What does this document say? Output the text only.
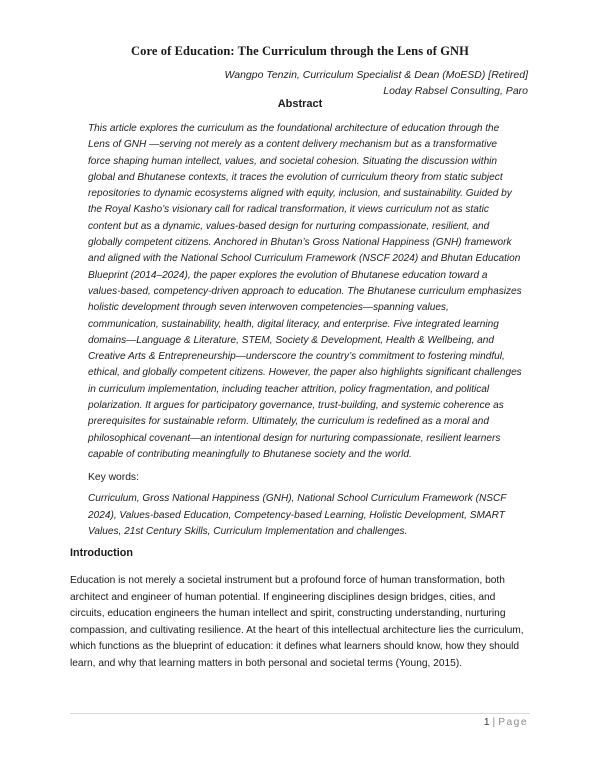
Core of Education: The Curriculum through the Lens of GNH
Wangpo Tenzin, Curriculum Specialist & Dean (MoESD) [Retired]
Loday Rabsel Consulting, Paro
Abstract
This article explores the curriculum as the foundational architecture of education through the Lens of GNH —serving not merely as a content delivery mechanism but as a transformative force shaping human intellect, values, and societal cohesion. Situating the discussion within global and Bhutanese contexts, it traces the evolution of curriculum theory from static subject repositories to dynamic ecosystems aligned with equity, inclusion, and sustainability. Guided by the Royal Kasho’s visionary call for radical transformation, it views curriculum not as static content but as a dynamic, values-based design for nurturing compassionate, resilient, and globally competent citizens. Anchored in Bhutan’s Gross National Happiness (GNH) framework and aligned with the National School Curriculum Framework (NSCF 2024) and Bhutan Education Blueprint (2014–2024), the paper explores the evolution of Bhutanese education toward a values-based, competency-driven approach to education. The Bhutanese curriculum emphasizes holistic development through seven interwoven competencies—spanning values, communication, sustainability, health, digital literacy, and enterprise. Five integrated learning domains—Language & Literature, STEM, Society & Development, Health & Wellbeing, and Creative Arts & Entrepreneurship—underscore the country’s commitment to fostering mindful, ethical, and globally competent citizens. However, the paper also highlights significant challenges in curriculum implementation, including teacher attrition, policy fragmentation, and political polarization. It argues for participatory governance, trust-building, and systemic coherence as prerequisites for sustainable reform. Ultimately, the curriculum is redefined as a moral and philosophical covenant—an intentional design for nurturing compassionate, resilient learners capable of contributing meaningfully to Bhutanese society and the world.
Key words:
Curriculum, Gross National Happiness (GNH), National School Curriculum Framework (NSCF 2024), Values-based Education, Competency-based Learning, Holistic Development, SMART Values, 21st Century Skills, Curriculum Implementation and challenges.
Introduction
Education is not merely a societal instrument but a profound force of human transformation, both architect and engineer of human potential. If engineering disciplines design bridges, cities, and circuits, education engineers the human intellect and spirit, constructing understanding, nurturing compassion, and cultivating resilience. At the heart of this intellectual architecture lies the curriculum, which functions as the blueprint of education: it defines what learners should know, how they should learn, and why that learning matters in both personal and societal terms (Young, 2015).
1 | Page
